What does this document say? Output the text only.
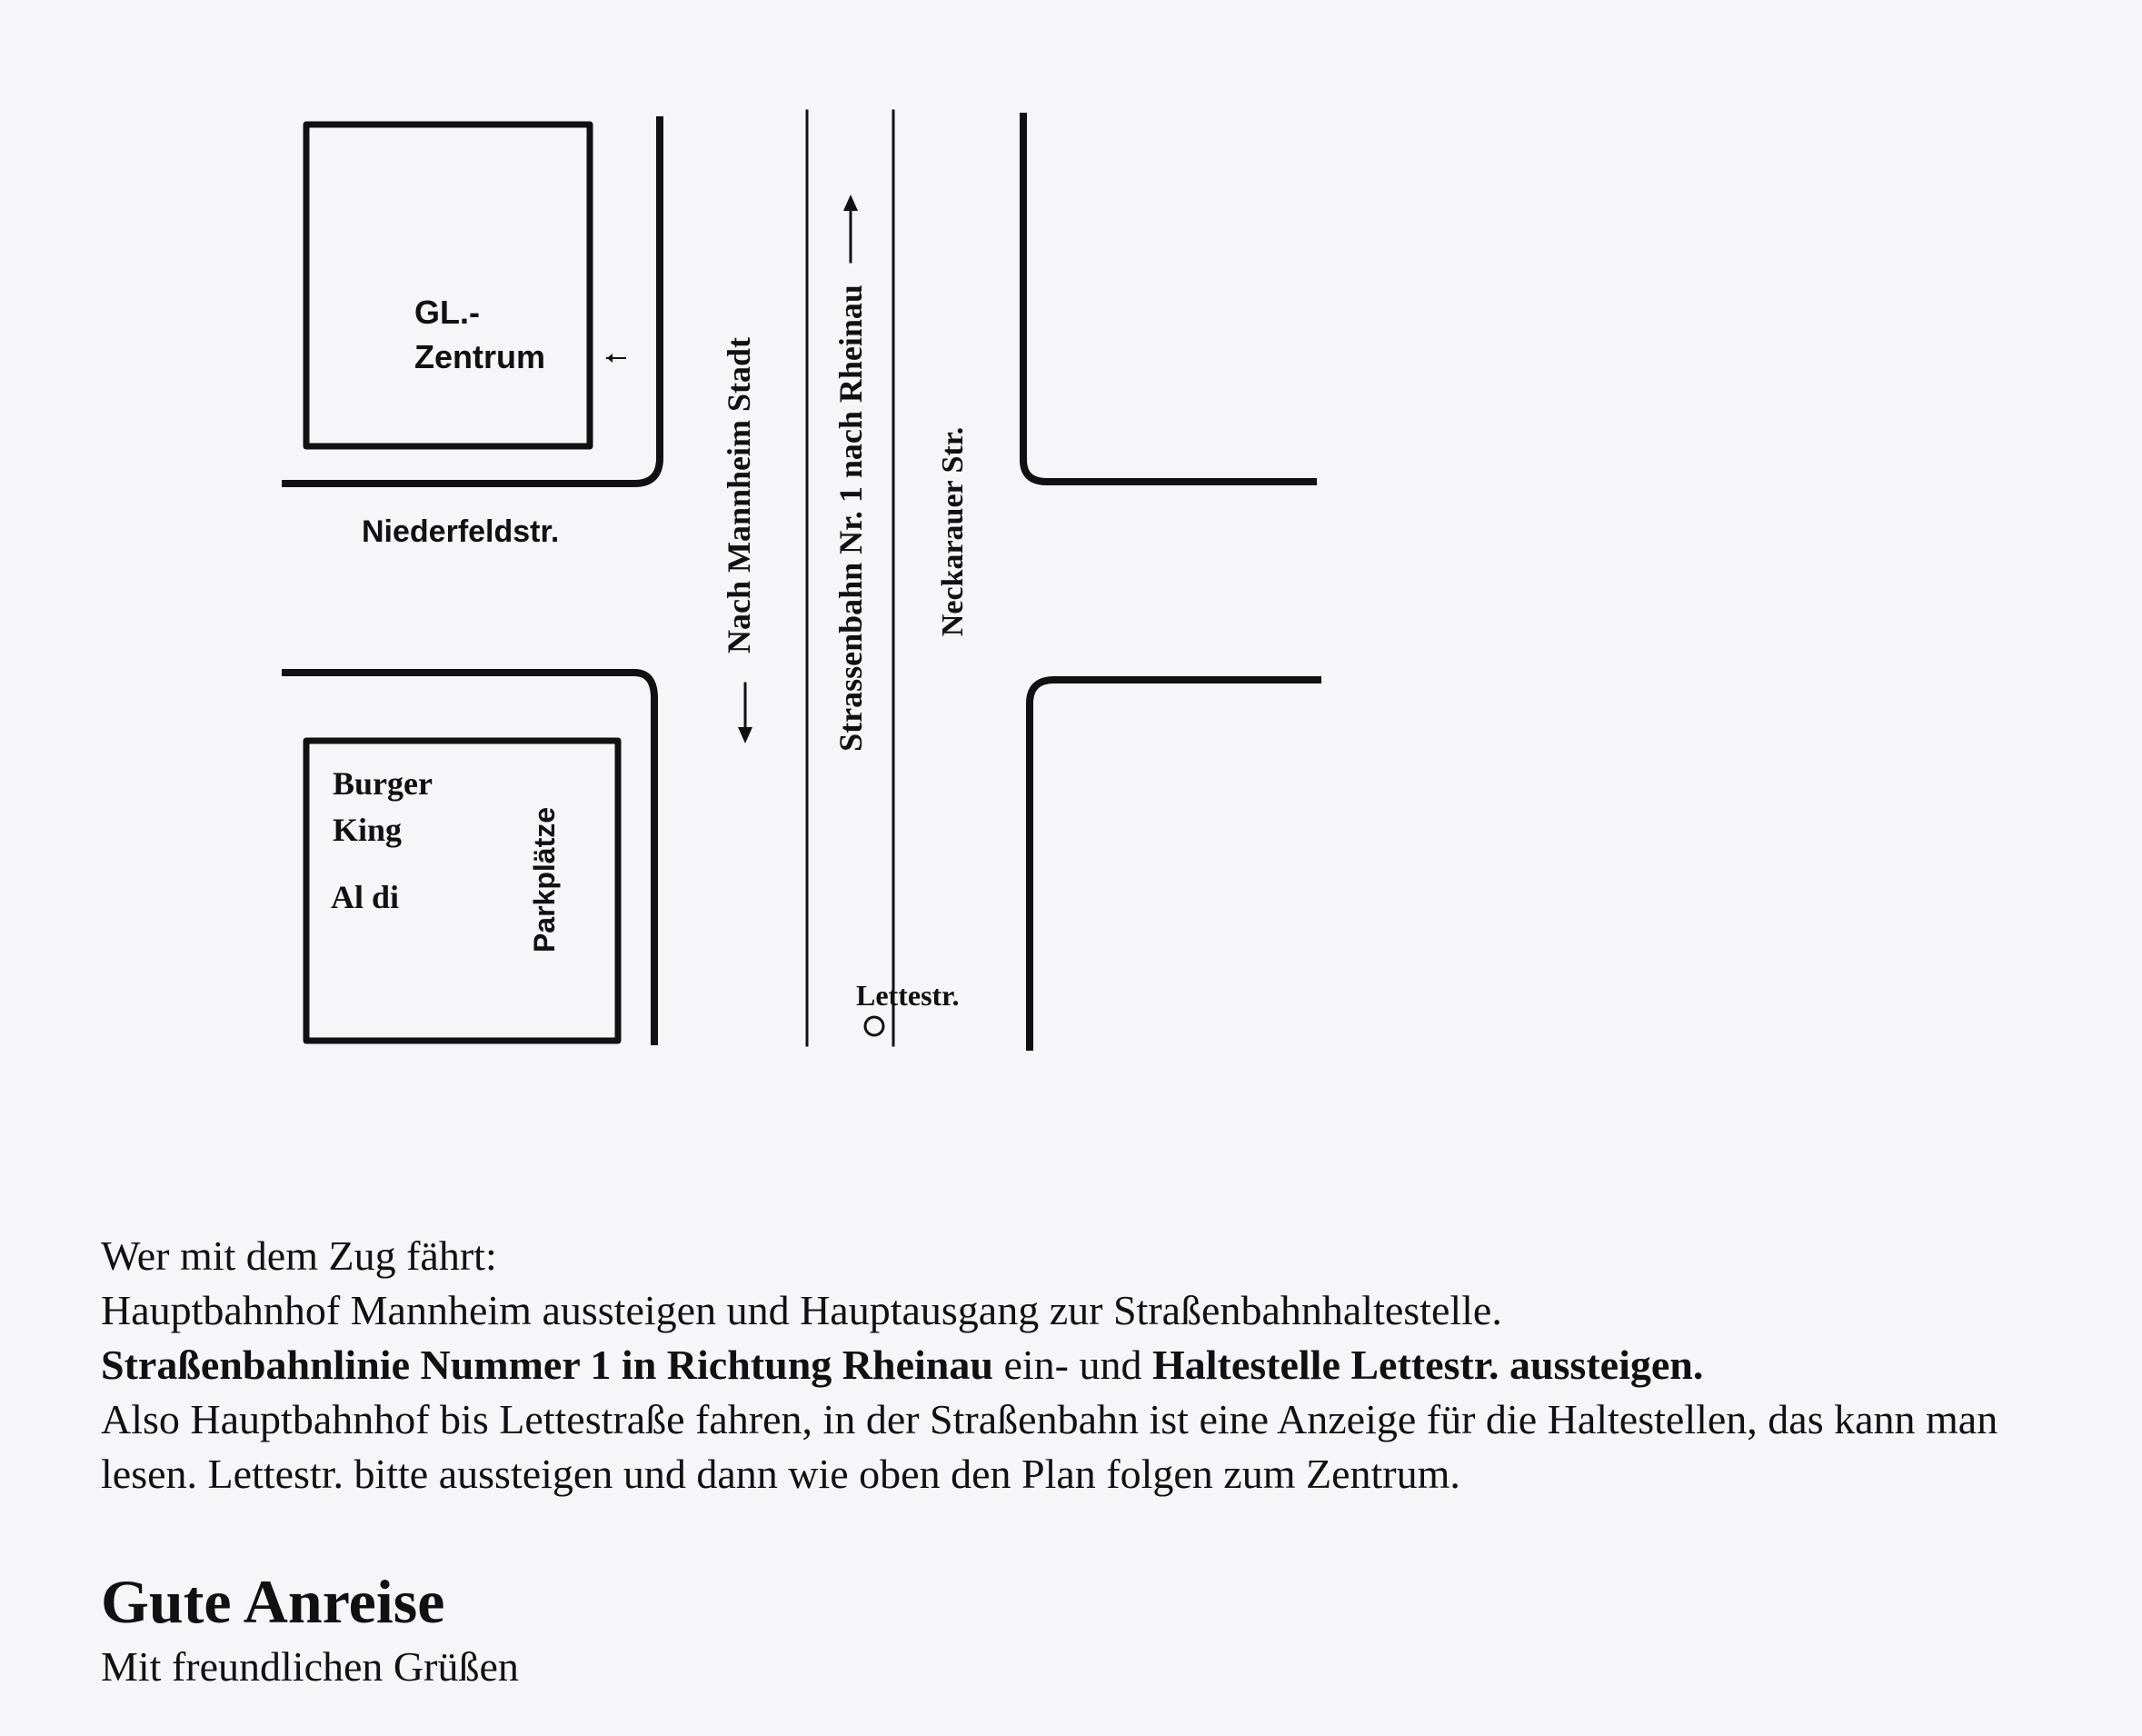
GL.-
Zentrum
Niederfeldstr.	Nach Mannheim Stadt Strassenbahn Nr. 1 nach Rheinau Neckarauer Str.
Burger
King
Al di	Parkplätze
Lettestr.

Wer mit dem Zug fährt:

Hauptbahnhof Mannheim aussteigen und Hauptausgang zur Straßenbahnhaltestelle.

Straßenbahnlinie Nummer 1 in Richtung Rheinau ein- und Haltestelle Lettestr. aussteigen.

Also Hauptbahnhof bis Lettestraße fahren, in der Straßenbahn ist eine Anzeige für die Haltestellen, das kann man lesen. Lettestr. bitte aussteigen und dann wie oben den Plan folgen zum Zentrum.

Gute Anreise

Mit freundlichen Grüßen
